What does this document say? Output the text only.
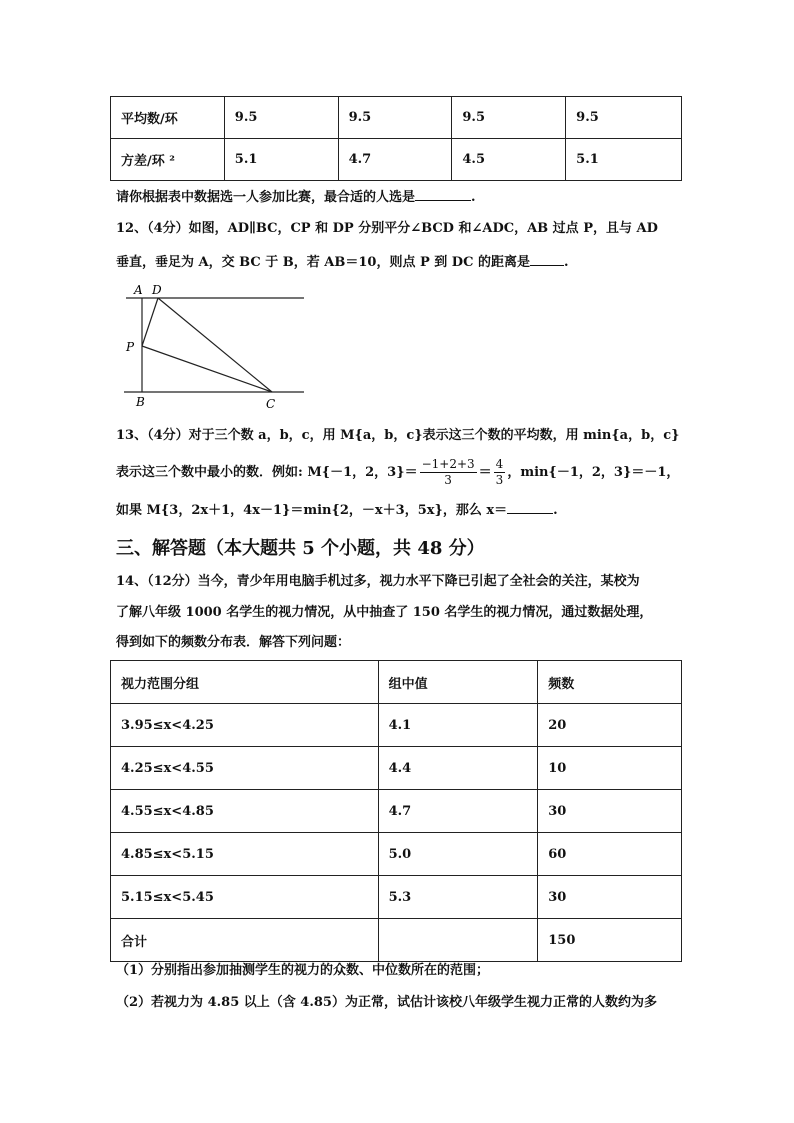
平均数/环	9.5	9.5	9.5	9.5
方差/环 ²	5.1	4.7	4.5	5.1
请你根据表中数据选一人参加比赛，最合适的人选是	.
12、（4分）如图，AD∥BC，CP 和 DP 分别平分∠BCD 和∠ADC，AB 过点 P，且与 AD
垂直，垂足为 A，交 BC 于 B，若 AB＝10，则点 P 到 DC 的距离是	.
A D
P
B	C
13、（4分）对于三个数 a，b，c，用 M{a，b，c}表示这三个数的平均数，用 min{a，b，c}
表示这三个数中最小的数．例如: M{－1，2，$3\}= \frac{-1+2+3}{3} = \frac{4}{3}$ ，min{－1，2，3}＝－1，
如果 M{3，2x＋1，4x－1}＝min{2，－x＋3，5x}，那么 x＝	.
三、解答题（本大题共 5 个小题，共 48 分）
14、（12分）当今，青少年用电脑手机过多，视力水平下降已引起了全社会的关注，某校为
了解八年级 1000 名学生的视力情况，从中抽查了 150 名学生的视力情况，通过数据处理，
得到如下的频数分布表．解答下列问题：
视力范围分组	组中值	频数
3.95≤x<4.25	4.1	20
4.25≤x<4.55	4.4	10
4.55≤x<4.85	4.7	30
4.85≤x<5.15	5.0	60
5.15≤x<5.45	5.3	30
合计		150
（1）分别指出参加抽测学生的视力的众数、中位数所在的范围；
（2）若视力为 4.85 以上（含 4.85）为正常，试估计该校八年级学生视力正常的人数约为多
